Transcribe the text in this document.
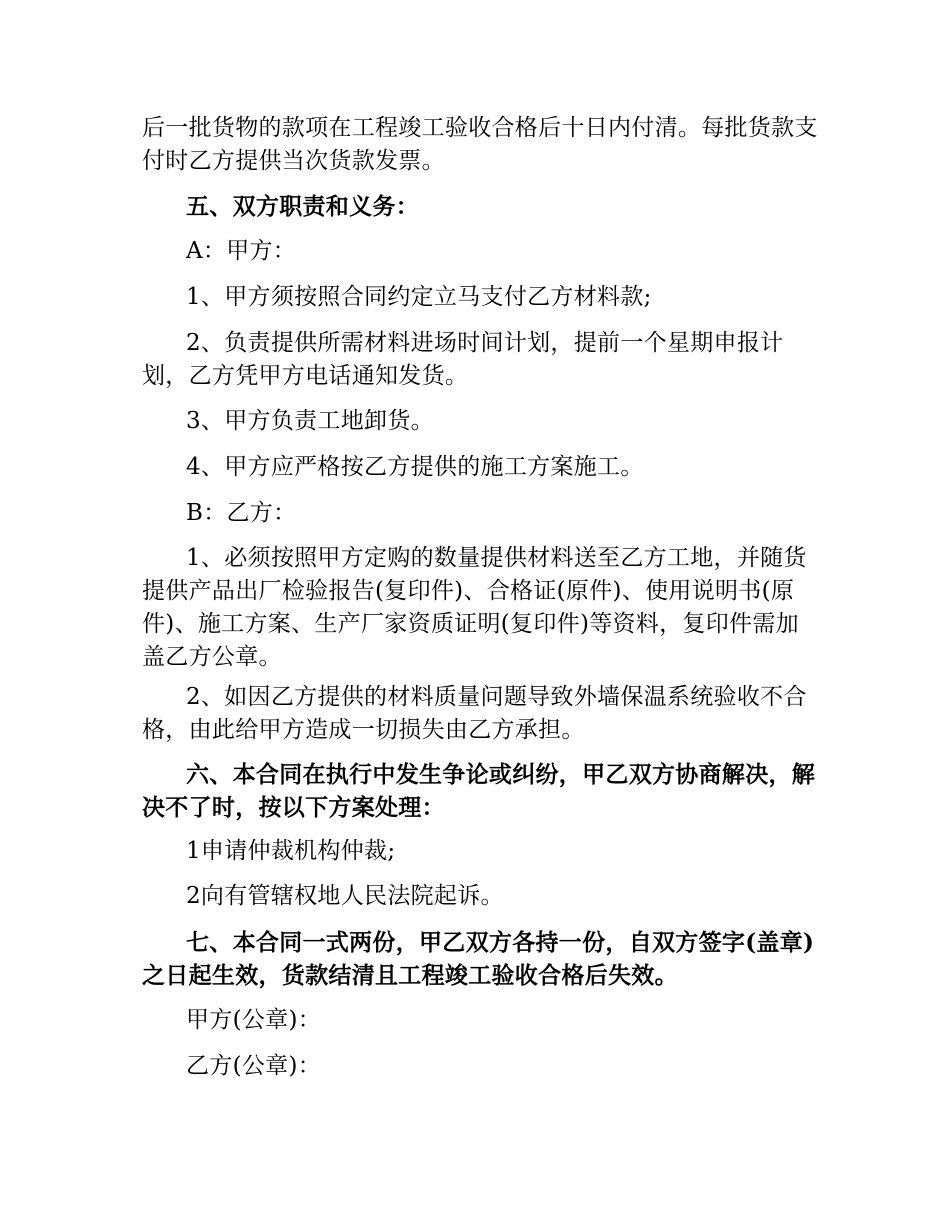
后一批货物的款项在工程竣工验收合格后十日内付清。每批货款支付时乙方提供当次货款发票。
五、双方职责和义务：
A：甲方：
1、甲方须按照合同约定立马支付乙方材料款;
2、负责提供所需材料进场时间计划，提前一个星期申报计划，乙方凭甲方电话通知发货。
3、甲方负责工地卸货。
4、甲方应严格按乙方提供的施工方案施工。
B：乙方：
1、必须按照甲方定购的数量提供材料送至乙方工地，并随货提供产品出厂检验报告(复印件)、合格证(原件)、使用说明书(原件)、施工方案、生产厂家资质证明(复印件)等资料，复印件需加盖乙方公章。
2、如因乙方提供的材料质量问题导致外墙保温系统验收不合格，由此给甲方造成一切损失由乙方承担。
六、本合同在执行中发生争论或纠纷，甲乙双方协商解决，解决不了时，按以下方案处理：
1申请仲裁机构仲裁;
2向有管辖权地人民法院起诉。
七、本合同一式两份，甲乙双方各持一份，自双方签字(盖章)之日起生效，货款结清且工程竣工验收合格后失效。
甲方(公章)：
乙方(公章)：
